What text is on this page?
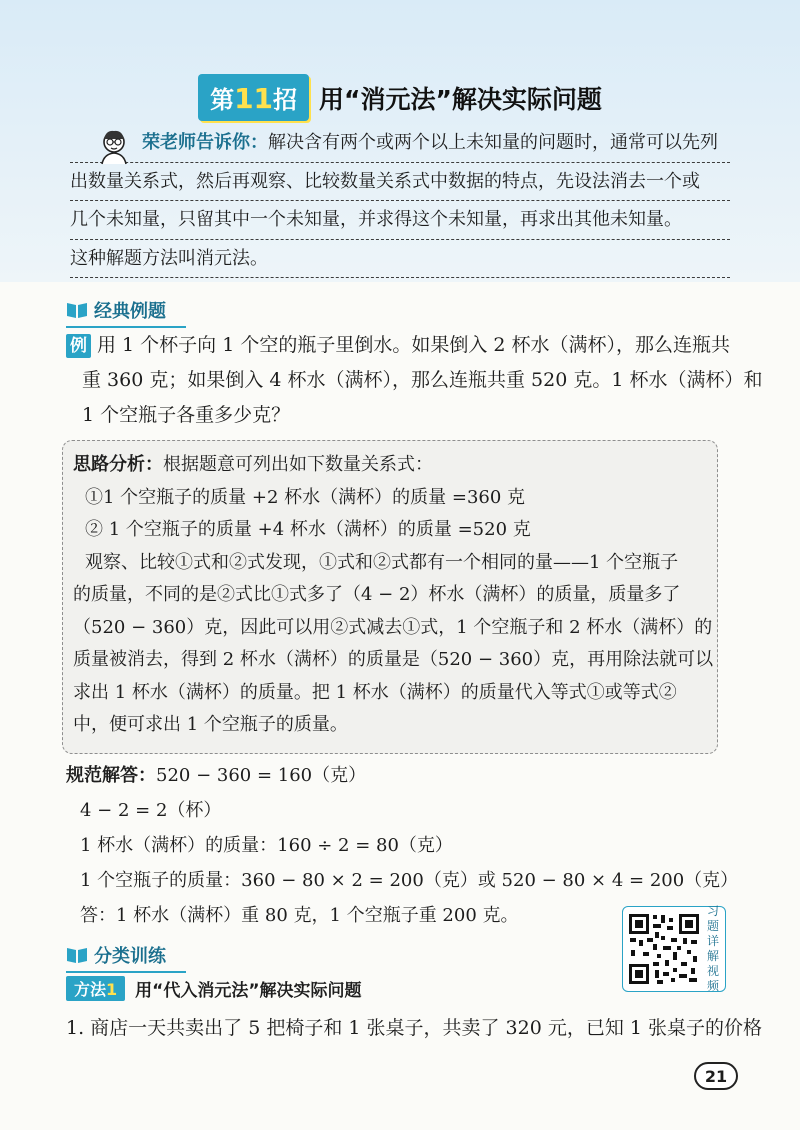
第11招 用“消元法”解决实际问题
荣老师告诉你：解决含有两个或两个以上未知量的问题时，通常可以先列
出数量关系式，然后再观察、比较数量关系式中数据的特点，先设法消去一个或
几个未知量，只留其中一个未知量，并求得这个未知量，再求出其他未知量。
这种解题方法叫消元法。
经典例题
例 用 1 个杯子向 1 个空的瓶子里倒水。如果倒入 2 杯水（满杯），那么连瓶共
重 360 克；如果倒入 4 杯水（满杯），那么连瓶共重 520 克。1 杯水（满杯）和
1 个空瓶子各重多少克？
思路分析：根据题意可列出如下数量关系式：
①1 个空瓶子的质量 +2 杯水（满杯）的质量 =360 克
② 1 个空瓶子的质量 +4 杯水（满杯）的质量 =520 克
观察、比较①式和②式发现，①式和②式都有一个相同的量——1 个空瓶子
的质量，不同的是②式比①式多了（4 − 2）杯水（满杯）的质量，质量多了
（520 − 360）克，因此可以用②式减去①式，1 个空瓶子和 2 杯水（满杯）的
质量被消去，得到 2 杯水（满杯）的质量是（520 − 360）克，再用除法就可以
求出 1 杯水（满杯）的质量。把 1 杯水（满杯）的质量代入等式①或等式②
中，便可求出 1 个空瓶子的质量。
规范解答：520 − 360 = 160（克）
4 − 2 = 2（杯）
1 杯水（满杯）的质量：160 ÷ 2 = 80（克）
1 个空瓶子的质量：360 − 80 × 2 = 200（克）或 520 − 80 × 4 = 200（克）
答：1 杯水（满杯）重 80 克，1 个空瓶子重 200 克。	习
题
详
解
视
频
分类训练
方法1	用“代入消元法”解决实际问题
1. 商店一天共卖出了 5 把椅子和 1 张桌子，共卖了 320 元，已知 1 张桌子的价格
21
